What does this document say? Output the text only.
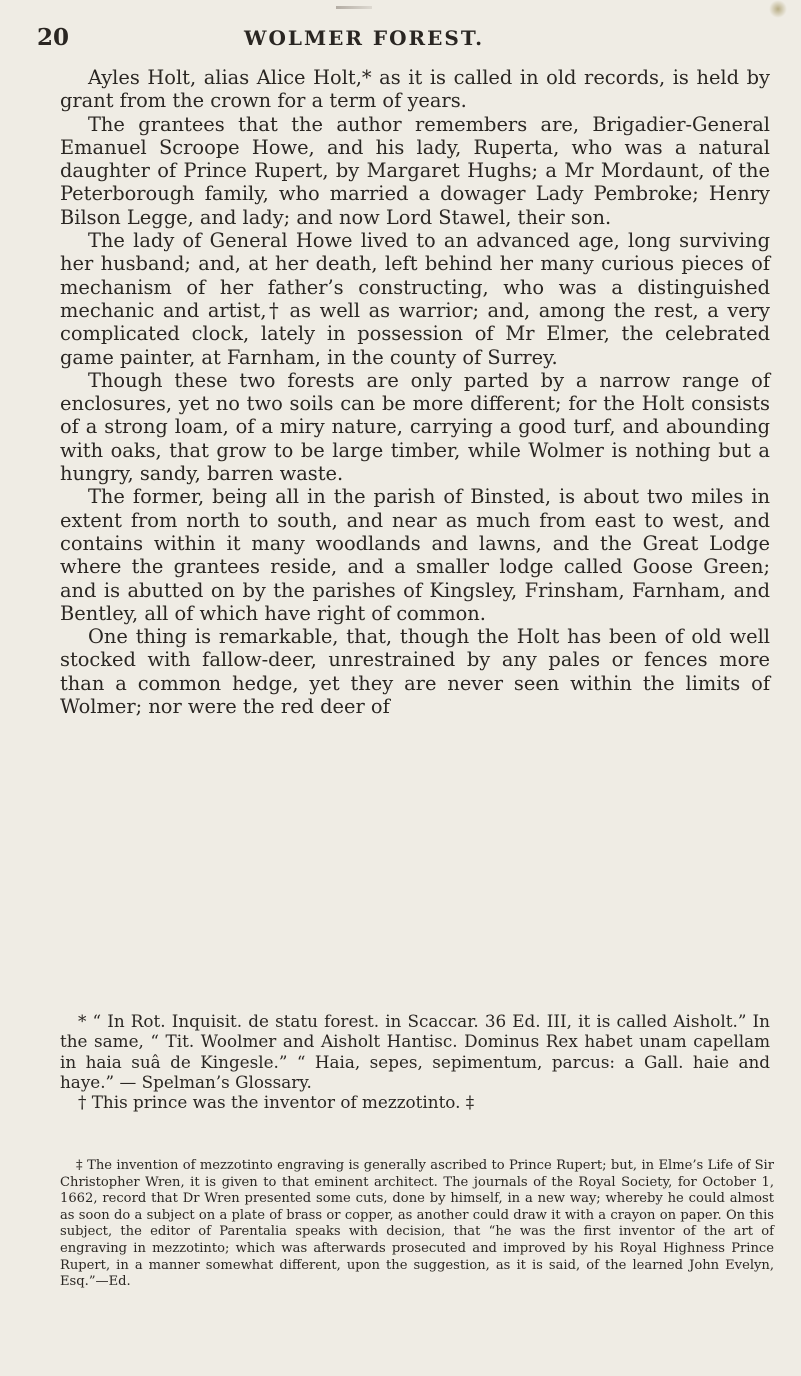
20	WOLMER FOREST.

Ayles Holt, alias Alice Holt,* as it is called in old records, is held by grant from the crown for a term of years.

The grantees that the author remembers are, Brigadier-General Emanuel Scroope Howe, and his lady, Ruperta, who was a natural daughter of Prince Rupert, by Margaret Hughs; a Mr Mordaunt, of the Peterborough family, who married a dowager Lady Pembroke; Henry Bilson Legge, and lady; and now Lord Stawel, their son.

The lady of General Howe lived to an advanced age, long surviving her husband; and, at her death, left behind her many curious pieces of mechanism of her father’s constructing, who was a distinguished mechanic and artist,† as well as warrior; and, among the rest, a very complicated clock, lately in possession of Mr Elmer, the celebrated game painter, at Farnham, in the county of Surrey.

Though these two forests are only parted by a narrow range of enclosures, yet no two soils can be more different; for the Holt consists of a strong loam, of a miry nature, carrying a good turf, and abounding with oaks, that grow to be large timber, while Wolmer is nothing but a hungry, sandy, barren waste.

The former, being all in the parish of Binsted, is about two miles in extent from north to south, and near as much from east to west, and contains within it many woodlands and lawns, and the Great Lodge where the grantees reside, and a smaller lodge called Goose Green; and is abutted on by the parishes of Kingsley, Frinsham, Farnham, and Bentley, all of which have right of common.

One thing is remarkable, that, though the Holt has been of old well stocked with fallow-deer, unrestrained by any pales or fences more than a common hedge, yet they are never seen within the limits of Wolmer; nor were the red deer of

* “ In Rot. Inquisit. de statu forest. in Scaccar. 36 Ed. III, it is called Aisholt.” In the same, “ Tit. Woolmer and Aisholt Hantisc. Dominus Rex habet unam capellam in haia suâ de Kingesle.” “ Haia, sepes, sepimentum, parcus: a Gall. haie and haye.” — Spelman’s Glossary.

† This prince was the inventor of mezzotinto. ‡

‡ The invention of mezzotinto engraving is generally ascribed to Prince Rupert; but, in Elme’s Life of Sir Christopher Wren, it is given to that eminent architect. The journals of the Royal Society, for October 1, 1662, record that Dr Wren presented some cuts, done by himself, in a new way; whereby he could almost as soon do a subject on a plate of brass or copper, as another could draw it with a crayon on paper. On this subject, the editor of Parentalia speaks with decision, that “he was the first inventor of the art of engraving in mezzotinto; which was afterwards prosecuted and improved by his Royal Highness Prince Rupert, in a manner somewhat different, upon the suggestion, as it is said, of the learned John Evelyn, Esq.”—Ed.
